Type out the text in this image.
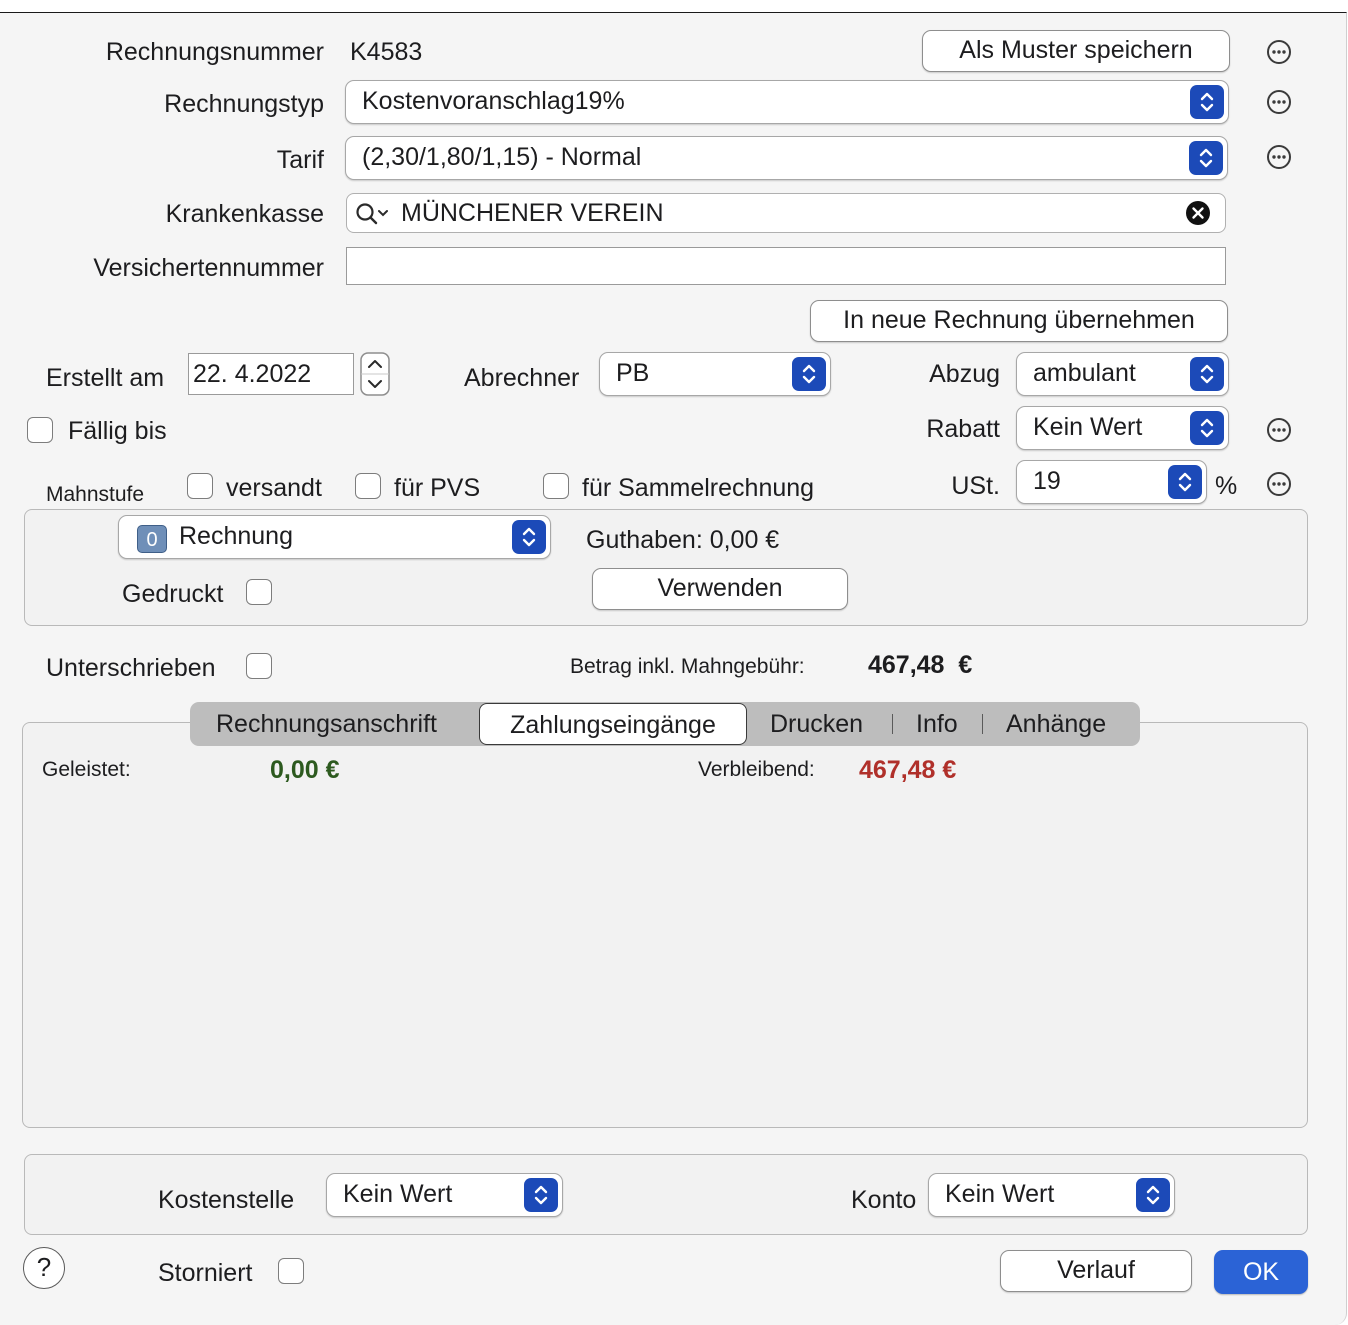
Rechnungsnummer K4583	Als Muster speichern
Rechnungstyp	Kostenvoranschlag19%
Tarif	(2,30/1,80/1,15) - Normal
Krankenkasse	MÜNCHENER VEREIN
Versichertennummer
In neue Rechnung übernehmen
Erstellt am 22. 4.2022	Abrechner	PB	Abzug	ambulant
Fällig bis	Rabatt	Kein Wert
Mahnstufe	versandt	für PVS	für Sammelrechnung	USt.	19	%
0 Rechnung	Guthaben: 0,00 €
Gedruckt	Verwenden
Unterschrieben	Betrag inkl. Mahngebühr:	467,48  €
Rechnungsanschrift	Zahlungseingänge	Drucken Info Anhänge
Geleistet:	0,00 €	Verbleibend: 467,48 €
Kostenstelle	Kein Wert	Konto	Kein Wert
?	Storniert	Verlauf	OK
